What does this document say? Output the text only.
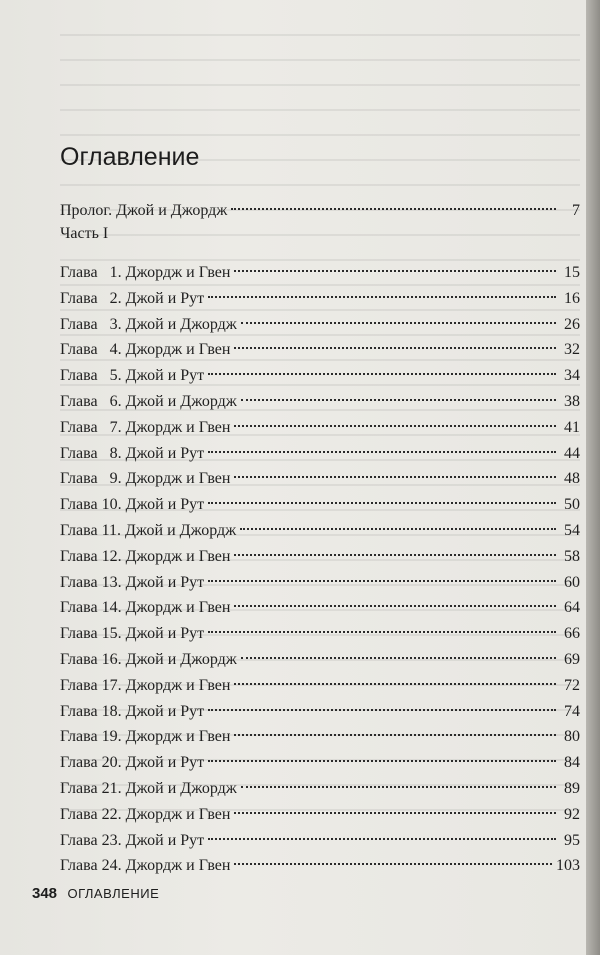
Оглавление
Пролог. Джой и Джордж	7
Часть I
Глава   1. Джордж и Гвен	15
Глава   2. Джой и Рут	16
Глава   3. Джой и Джордж	26
Глава   4. Джордж и Гвен	32
Глава   5. Джой и Рут	34
Глава   6. Джой и Джордж	38
Глава   7. Джордж и Гвен	41
Глава   8. Джой и Рут	44
Глава   9. Джордж и Гвен	48
Глава 10. Джой и Рут	50
Глава 11. Джой и Джордж	54
Глава 12. Джордж и Гвен	58
Глава 13. Джой и Рут	60
Глава 14. Джордж и Гвен	64
Глава 15. Джой и Рут	66
Глава 16. Джой и Джордж	69
Глава 17. Джордж и Гвен	72
Глава 18. Джой и Рут	74
Глава 19. Джордж и Гвен	80
Глава 20. Джой и Рут	84
Глава 21. Джой и Джордж	89
Глава 22. Джордж и Гвен	92
Глава 23. Джой и Рут	95
Глава 24. Джордж и Гвен	103
348 ОГЛАВЛЕНИЕ
